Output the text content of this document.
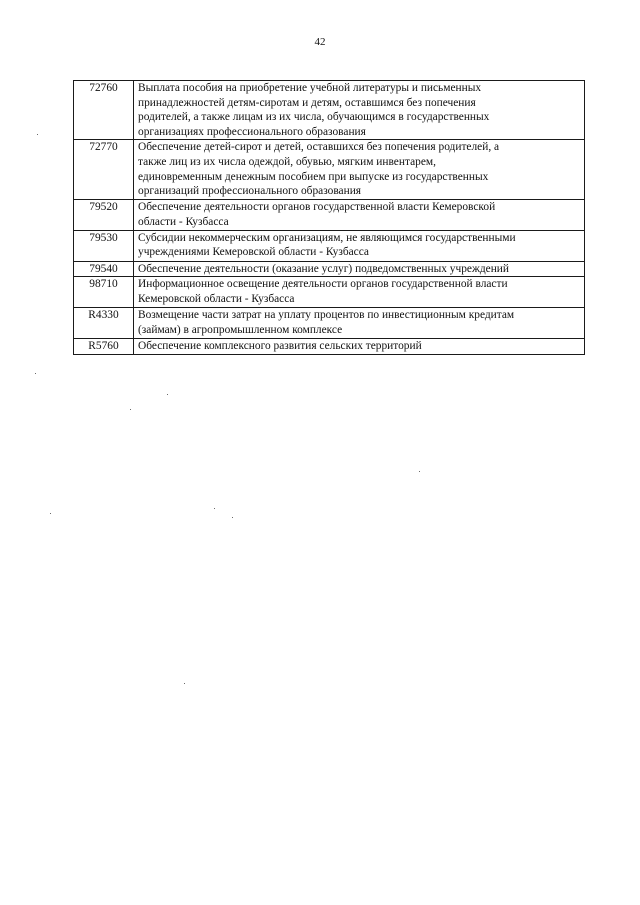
42
72760	Выплата пособия на приобретение учебной литературы и письменных
принадлежностей детям-сиротам и детям, оставшимся без попечения
родителей, а также лицам из их числа, обучающимся в государственных
организациях профессионального образования

72770	Обеспечение детей-сирот и детей, оставшихся без попечения родителей, а
также лиц из их числа одеждой, обувью, мягким инвентарем,
единовременным денежным пособием при выпуске из государственных
организаций профессионального образования

79520	Обеспечение деятельности органов государственной власти Кемеровской
области - Кузбасса

79530	Субсидии некоммерческим организациям, не являющимся государственными
учреждениями Кемеровской области - Кузбасса

79540	Обеспечение деятельности (оказание услуг) подведомственных учреждений

98710	Информационное освещение деятельности органов государственной власти
Кемеровской области - Кузбасса

R4330	Возмещение части затрат на уплату процентов по инвестиционным кредитам
(займам) в агропромышленном комплексе

R5760	Обеспечение комплексного развития сельских территорий
